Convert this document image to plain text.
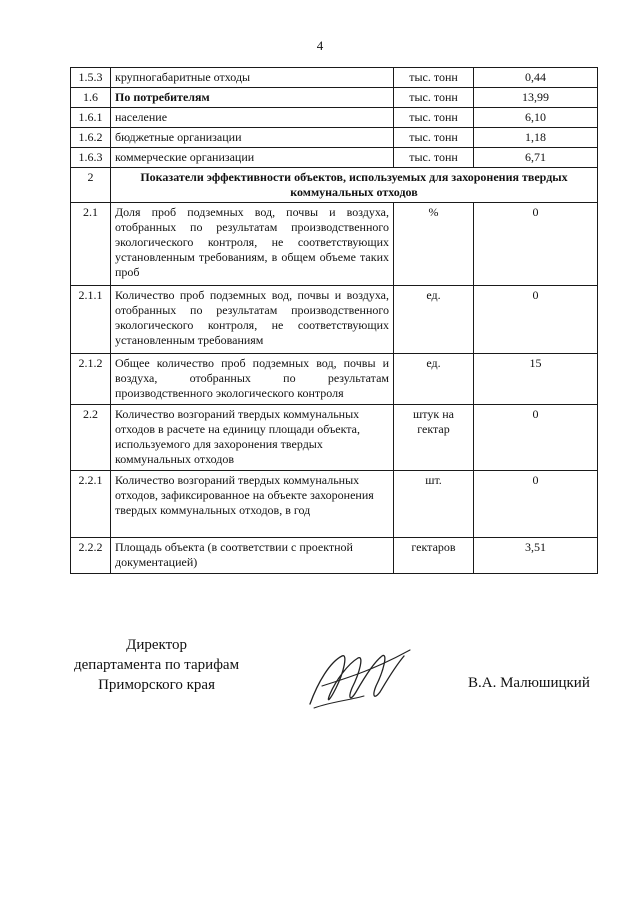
4
1.5.3	крупногабаритные отходы	тыс. тонн	0,44
1.6	По потребителям	тыс. тонн	13,99
1.6.1	население	тыс. тонн	6,10
1.6.2	бюджетные организации	тыс. тонн	1,18
1.6.3	коммерческие организации	тыс. тонн	6,71
2	Показатели эффективности объектов, используемых для захоронения твердых коммунальных отходов		
2.1	Доля проб подземных вод, почвы и воздуха, отобранных по результатам производственного экологического контроля, не соответствующих установленным требованиям, в общем объеме таких проб	%	0
2.1.1	Количество проб подземных вод, почвы и воздуха, отобранных по результатам производственного экологического контроля, не соответствующих установленным требованиям	ед.	0
2.1.2	Общее количество проб подземных вод, почвы и воздуха, отобранных по результатам производственного экологического контроля	ед.	15
2.2	Количество возгораний твердых коммунальных отходов в расчете на единицу площади объекта, используемого для захоронения твердых коммунальных отходов	штук на гектар	0
2.2.1	Количество возгораний твердых коммунальных отходов, зафиксированное на объекте захоронения твердых коммунальных отходов, в год	шт.	0
2.2.2	Площадь объекта (в соответствии с проектной документацией)	гектаров	3,51
Директор
департамента по тарифам
Приморского края	В.А. Малюшицкий
